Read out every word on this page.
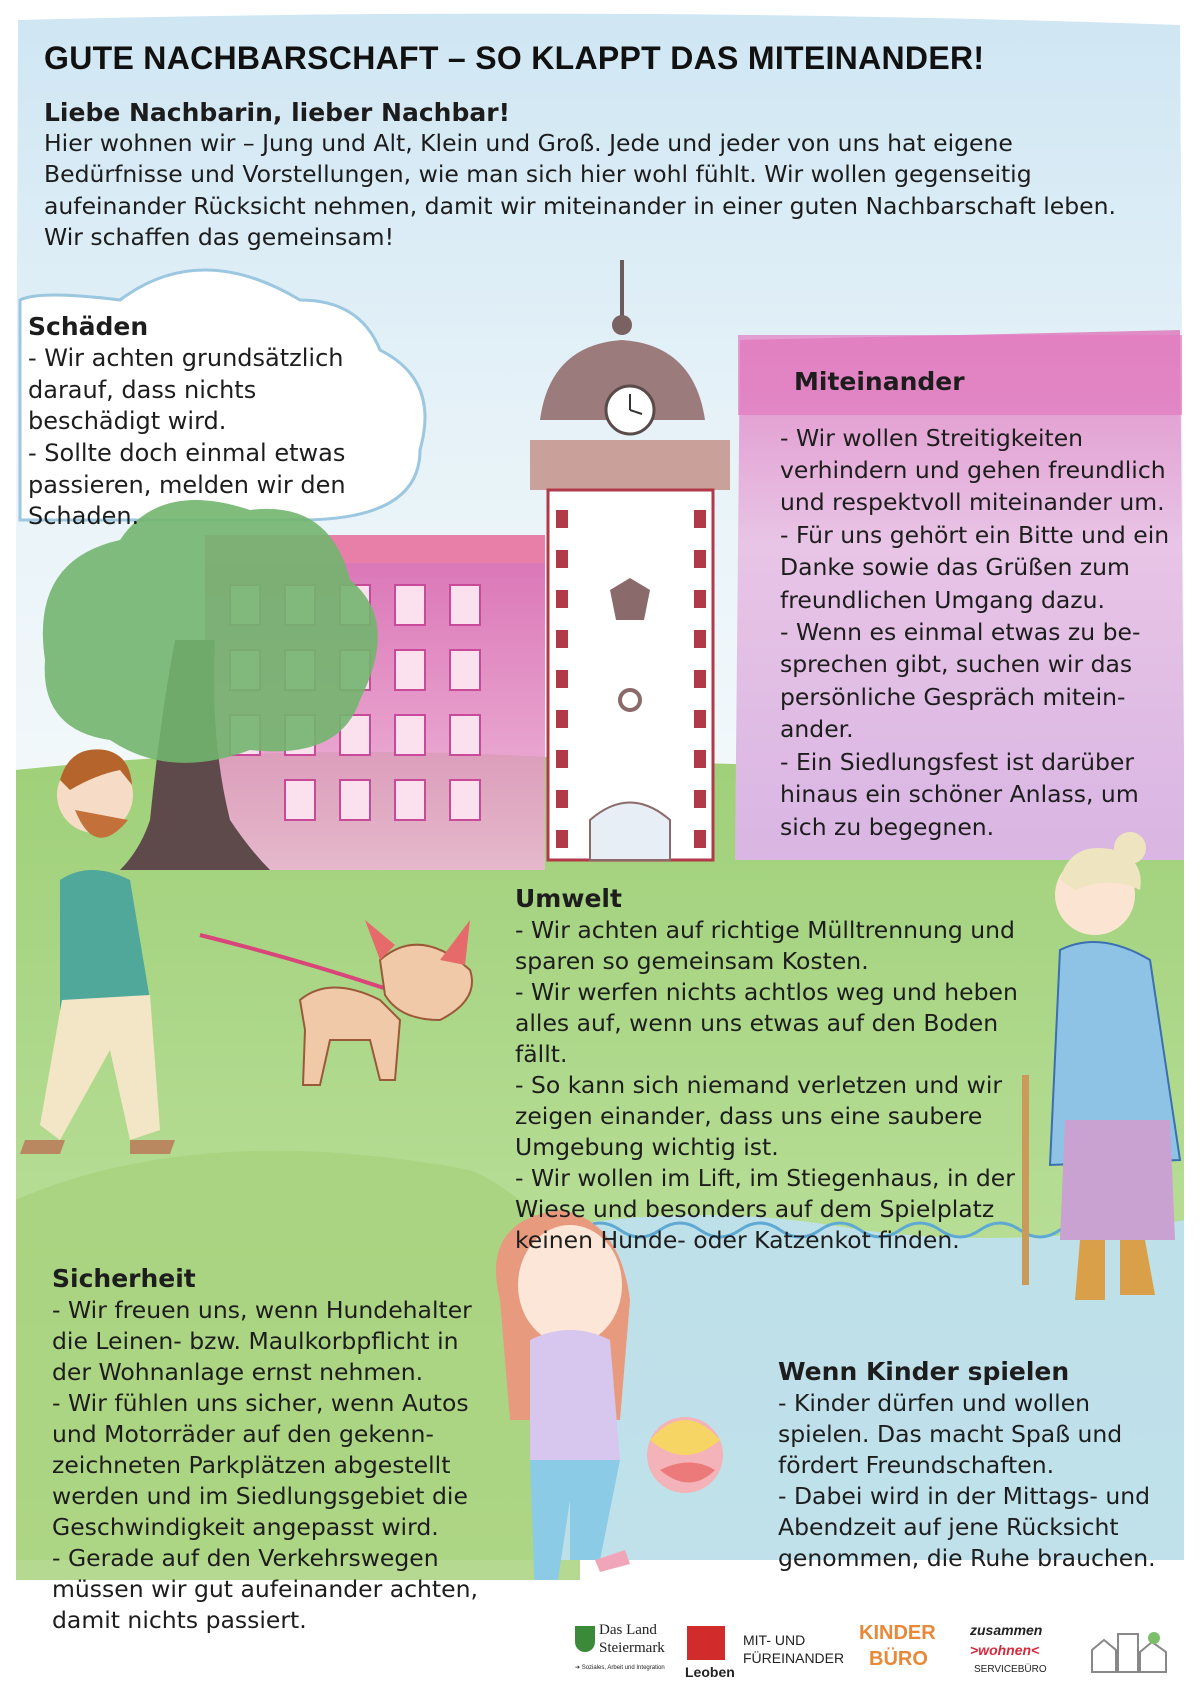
GUTE NACHBARSCHAFT – SO KLAPPT DAS MITEINANDER!
Liebe Nachbarin, lieber Nachbar!
Hier wohnen wir – Jung und Alt, Klein und Groß. Jede und jeder von uns hat eigene Bedürfnisse und Vorstellungen, wie man sich hier wohl fühlt. Wir wollen gegenseitig aufeinander Rücksicht nehmen, damit wir miteinander in einer guten Nachbarschaft leben. Wir schaffen das gemeinsam!

Schäden

- Wir achten grundsätzlich darauf, dass nichts beschädigt wird.

- Sollte doch einmal etwas passieren, melden wir den Schaden.

Miteinander

- Wir wollen Streitigkeiten verhindern und gehen freundlich und respektvoll miteinander um.

- Für uns gehört ein Bitte und ein Danke sowie das Grüßen zum freundlichen Umgang dazu.

- Wenn es einmal etwas zu be-sprechen gibt, suchen wir das persönliche Gespräch mitein-ander.

- Ein Siedlungsfest ist darüber hinaus ein schöner Anlass, um sich zu begegnen.

Umwelt

- Wir achten auf richtige Mülltrennung und sparen so gemeinsam Kosten.

- Wir werfen nichts achtlos weg und heben alles auf, wenn uns etwas auf den Boden fällt.

- So kann sich niemand verletzen und wir zeigen einander, dass uns eine saubere Umgebung wichtig ist.

- Wir wollen im Lift, im Stiegenhaus, in der Wiese und besonders auf dem Spielplatz keinen Hunde- oder Katzenkot finden.

Sicherheit

- Wir freuen uns, wenn Hundehalter die Leinen- bzw. Maulkorbpflicht in der Wohnanlage ernst nehmen.

- Wir fühlen uns sicher, wenn Autos und Motorräder auf den gekenn-zeichneten Parkplätzen abgestellt werden und im Siedlungsgebiet die Geschwindigkeit angepasst wird.

- Gerade auf den Verkehrswegen müssen wir gut aufeinander achten, damit nichts passiert.

Wenn Kinder spielen

- Kinder dürfen und wollen spielen. Das macht Spaß und fördert Freundschaften.

- Dabei wird in der Mittags- und Abendzeit auf jene Rücksicht genommen, die Ruhe brauchen.

Das Land
Steiermark
➔ Soziales, Arbeit und Integration Leoben
MIT- UND
FÜREINANDER
KINDER
BÜRO
zusammen
>wohnen<
SERVICEBÜRO
